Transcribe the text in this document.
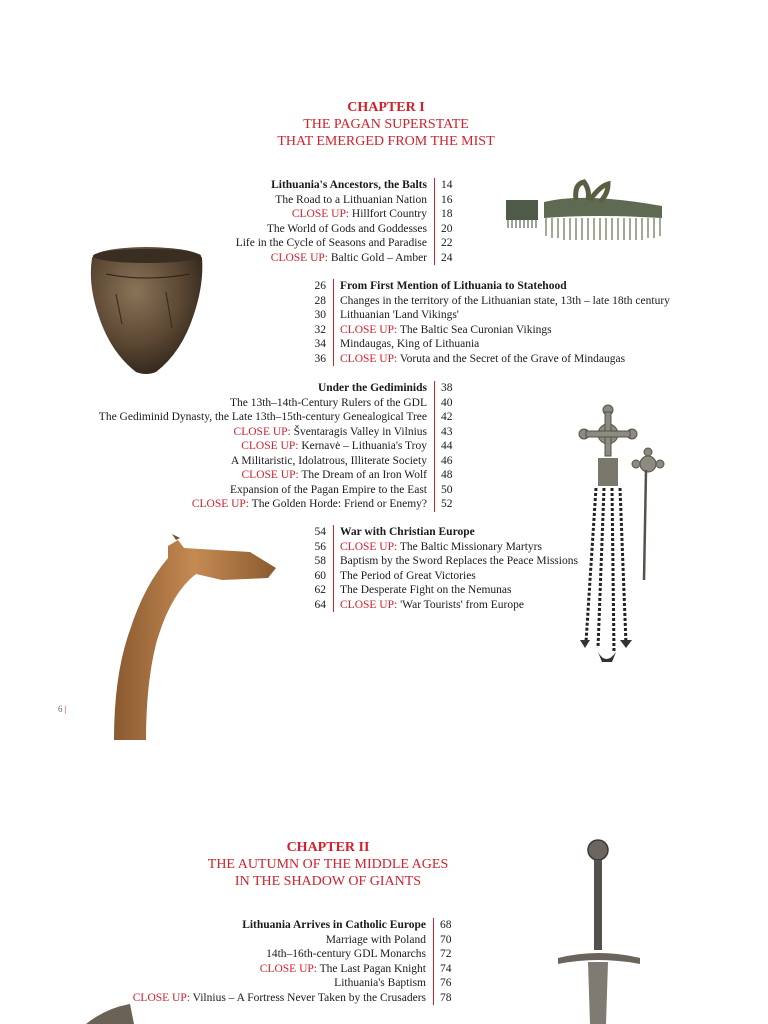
CHAPTER I
THE PAGAN SUPERSTATE
THAT EMERGED FROM THE MIST
Lithuania's Ancestors, the Balts 14
The Road to a Lithuanian Nation 16
CLOSE UP: Hillfort Country 18
The World of Gods and Goddesses 20
Life in the Cycle of Seasons and Paradise 22
CLOSE UP: Baltic Gold – Amber 24
26 From First Mention of Lithuania to Statehood
28 Changes in the territory of the Lithuanian state, 13th – late 18th century
30 Lithuanian 'Land Vikings'
32 CLOSE UP: The Baltic Sea Curonian Vikings
34 Mindaugas, King of Lithuania
36 CLOSE UP: Voruta and the Secret of the Grave of Mindaugas
Under the Gediminids 38
The 13th–14th-Century Rulers of the GDL 40
The Gediminid Dynasty, the Late 13th–15th-century Genealogical Tree 42
CLOSE UP: Šventaragis Valley in Vilnius 43
CLOSE UP: Kernavė – Lithuania's Troy 44
A Militaristic, Idolatrous, Illiterate Society 46
CLOSE UP: The Dream of an Iron Wolf 48
Expansion of the Pagan Empire to the East 50
CLOSE UP: The Golden Horde: Friend or Enemy? 52
54 War with Christian Europe
56 CLOSE UP: The Baltic Missionary Martyrs
58 Baptism by the Sword Replaces the Peace Missions
60 The Period of Great Victories
62 The Desperate Fight on the Nemunas
64 CLOSE UP: 'War Tourists' from Europe
6 |
CHAPTER II
THE AUTUMN OF THE MIDDLE AGES
IN THE SHADOW OF GIANTS
Lithuania Arrives in Catholic Europe 68
Marriage with Poland 70
14th–16th-century GDL Monarchs 72
CLOSE UP: The Last Pagan Knight 74
Lithuania's Baptism 76
CLOSE UP: Vilnius – A Fortress Never Taken by the Crusaders 78
